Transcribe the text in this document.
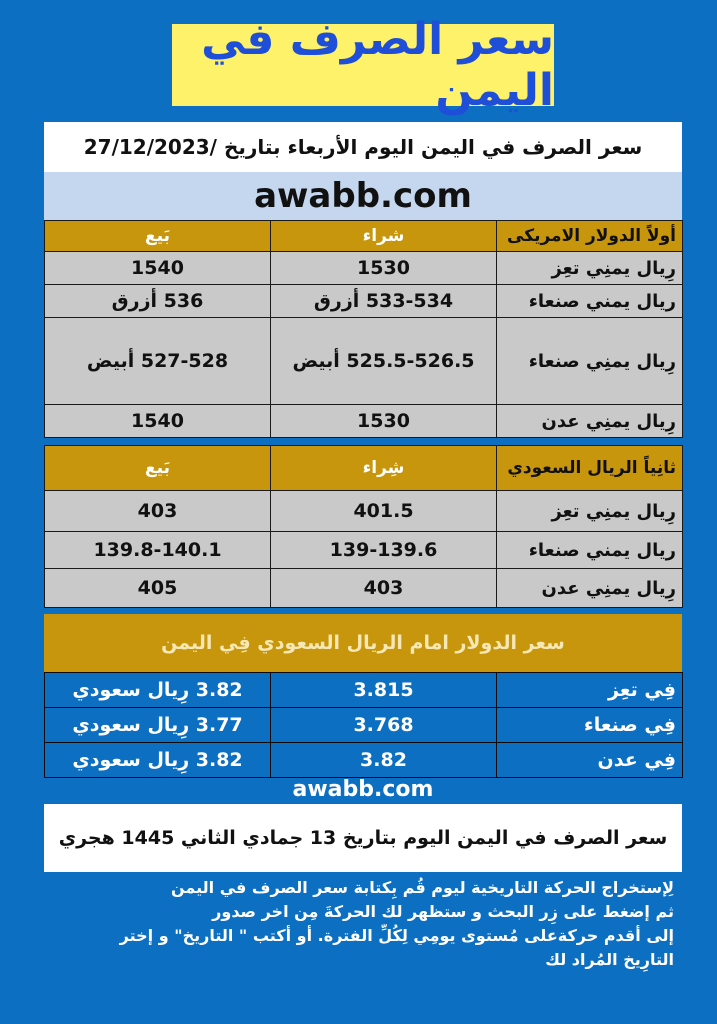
سعر الصرف في اليمن
سعر الصرف في اليمن اليوم الأربعاء بتاريخ /27/12/2023
awabb.com
أولاً الدولار الامريكى	شراء	بَيع
رِيال يمنِي تعِز	1530	1540
ريال يمني صنعاء	533-534 أزرق	536 أزرق
رِيال يمنِي صنعاء	525.5-526.5 أبيض	527-528 أبيض
رِيال يمنِي عدن	1530	1540
ثانِياً الريال السعودي	شِراء	بَيع
رِيال يمنِي تعِز	401.5	403
ريال يمني صنعاء	139-139.6	139.8-140.1
رِيال يمنِي عدن	403	405
سعر الدولار امام الريال السعودي فِي اليمن
فِي تعِز	3.815	3.82 رِيال سعودي
فِي صنعاء	3.768	3.77 رِيال سعودي
فِي عدن	3.82	3.82 رِيال سعودي
awabb.com
سعر الصرف في اليمن اليوم بتاريخ 13 جمادي الثاني 1445 هجري
لِإستخراج الحركة التاريخية ليوم قُم بِكتابة سعر الصرف في اليمن
ثم إضغط على زِر البحث و ستظهر لك الحركةَ مِن اخر صدور
إلى أقدم حركةعلى مُستوى يومِي لِكُلِّ الفترة. أو أكتب " التاريخ" و إختر
التارِيخ المُراد لك
